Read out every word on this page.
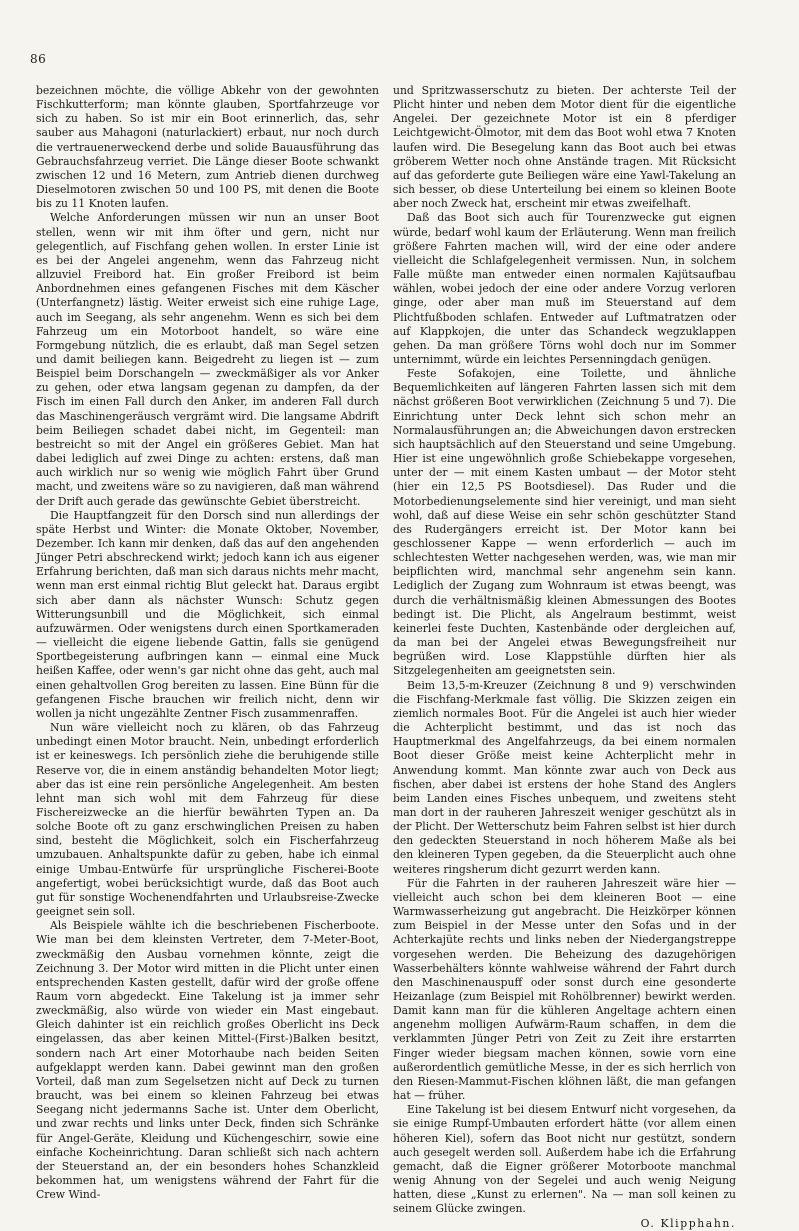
86

bezeichnen möchte, die völlige Abkehr von der gewohnten Fischkutterform; man könnte glauben, Sportfahrzeuge vor sich zu haben. So ist mir ein Boot erinnerlich, das, sehr sauber aus Mahagoni (naturlackiert) erbaut, nur noch durch die vertrauenerweckend derbe und solide Bauausführung das Gebrauchsfahrzeug verriet. Die Länge dieser Boote schwankt zwischen 12 und 16 Metern, zum Antrieb dienen durchweg Dieselmotoren zwischen 50 und 100 PS, mit denen die Boote bis zu 11 Knoten laufen.

Welche Anforderungen müssen wir nun an unser Boot stellen, wenn wir mit ihm öfter und gern, nicht nur gelegentlich, auf Fischfang gehen wollen. In erster Linie ist es bei der Angelei angenehm, wenn das Fahrzeug nicht allzuviel Freibord hat. Ein großer Freibord ist beim Anbordnehmen eines gefangenen Fisches mit dem Käscher (Unterfangnetz) lästig. Weiter erweist sich eine ruhige Lage, auch im Seegang, als sehr angenehm. Wenn es sich bei dem Fahrzeug um ein Motorboot handelt, so wäre eine Formgebung nützlich, die es erlaubt, daß man Segel setzen und damit beiliegen kann. Beigedreht zu liegen ist — zum Beispiel beim Dorschangeln — zweckmäßiger als vor Anker zu gehen, oder etwa langsam gegenan zu dampfen, da der Fisch im einen Fall durch den Anker, im anderen Fall durch das Maschinengeräusch vergrämt wird. Die langsame Abdrift beim Beiliegen schadet dabei nicht, im Gegenteil: man bestreicht so mit der Angel ein größeres Gebiet. Man hat dabei lediglich auf zwei Dinge zu achten: erstens, daß man auch wirklich nur so wenig wie möglich Fahrt über Grund macht, und zweitens wäre so zu navigieren, daß man während der Drift auch gerade das gewünschte Gebiet überstreicht.

Die Hauptfangzeit für den Dorsch sind nun allerdings der späte Herbst und Winter: die Monate Oktober, November, Dezember. Ich kann mir denken, daß das auf den angehenden Jünger Petri abschreckend wirkt; jedoch kann ich aus eigener Erfahrung berichten, daß man sich daraus nichts mehr macht, wenn man erst einmal richtig Blut geleckt hat. Daraus ergibt sich aber dann als nächster Wunsch: Schutz gegen Witterungsunbill und die Möglichkeit, sich einmal aufzuwärmen. Oder wenigstens durch einen Sportkameraden — vielleicht die eigene liebende Gattin, falls sie genügend Sportbegeisterung aufbringen kann — einmal eine Muck heißen Kaffee, oder wenn's gar nicht ohne das geht, auch mal einen gehaltvollen Grog bereiten zu lassen. Eine Bünn für die gefangenen Fische brauchen wir freilich nicht, denn wir wollen ja nicht ungezählte Zentner Fisch zusammenraffen.

Nun wäre vielleicht noch zu klären, ob das Fahrzeug unbedingt einen Motor braucht. Nein, unbedingt erforderlich ist er keineswegs. Ich persönlich ziehe die beruhigende stille Reserve vor, die in einem anständig behandelten Motor liegt; aber das ist eine rein persönliche Angelegenheit. Am besten lehnt man sich wohl mit dem Fahrzeug für diese Fischereizwecke an die hierfür bewährten Typen an. Da solche Boote oft zu ganz erschwinglichen Preisen zu haben sind, besteht die Möglichkeit, solch ein Fischerfahrzeug umzubauen. Anhaltspunkte dafür zu geben, habe ich einmal einige Umbau-Entwürfe für ursprüngliche Fischerei-Boote angefertigt, wobei berücksichtigt wurde, daß das Boot auch gut für sonstige Wochenendfahrten und Urlaubsreise-Zwecke geeignet sein soll.

Als Beispiele wählte ich die beschriebenen Fischerboote. Wie man bei dem kleinsten Vertreter, dem 7-Meter-Boot, zweckmäßig den Ausbau vornehmen könnte, zeigt die Zeichnung 3. Der Motor wird mitten in die Plicht unter einen entsprechenden Kasten gestellt, dafür wird der große offene Raum vorn abgedeckt. Eine Takelung ist ja immer sehr zweckmäßig, also würde von wieder ein Mast eingebaut. Gleich dahinter ist ein reichlich großes Oberlicht ins Deck eingelassen, das aber keinen Mittel-(First-)Balken besitzt, sondern nach Art einer Motorhaube nach beiden Seiten aufgeklappt werden kann. Dabei gewinnt man den großen Vorteil, daß man zum Segelsetzen nicht auf Deck zu turnen braucht, was bei einem so kleinen Fahrzeug bei etwas Seegang nicht jedermanns Sache ist. Unter dem Oberlicht, und zwar rechts und links unter Deck, finden sich Schränke für Angel-Geräte, Kleidung und Küchengeschirr, sowie eine einfache Kocheinrichtung. Daran schließt sich nach achtern der Steuerstand an, der ein besonders hohes Schanzkleid bekommen hat, um wenigstens während der Fahrt für die Crew Wind-

und Spritzwasserschutz zu bieten. Der achterste Teil der Plicht hinter und neben dem Motor dient für die eigentliche Angelei. Der gezeichnete Motor ist ein 8 pferdiger Leichtgewicht-Ölmotor, mit dem das Boot wohl etwa 7 Knoten laufen wird. Die Besegelung kann das Boot auch bei etwas gröberem Wetter noch ohne Anstände tragen. Mit Rücksicht auf das geforderte gute Beiliegen wäre eine Yawl-Takelung an sich besser, ob diese Unterteilung bei einem so kleinen Boote aber noch Zweck hat, erscheint mir etwas zweifelhaft.

Daß das Boot sich auch für Tourenzwecke gut eignen würde, bedarf wohl kaum der Erläuterung. Wenn man freilich größere Fahrten machen will, wird der eine oder andere vielleicht die Schlafgelegenheit vermissen. Nun, in solchem Falle müßte man entweder einen normalen Kajütsaufbau wählen, wobei jedoch der eine oder andere Vorzug verloren ginge, oder aber man muß im Steuerstand auf dem Plichtfußboden schlafen. Entweder auf Luftmatratzen oder auf Klappkojen, die unter das Schandeck wegzuklappen gehen. Da man größere Törns wohl doch nur im Sommer unternimmt, würde ein leichtes Persenningdach genügen.

Feste Sofakojen, eine Toilette, und ähnliche Bequemlichkeiten auf längeren Fahrten lassen sich mit dem nächst größeren Boot verwirklichen (Zeichnung 5 und 7). Die Einrichtung unter Deck lehnt sich schon mehr an Normalausführungen an; die Abweichungen davon erstrecken sich hauptsächlich auf den Steuerstand und seine Umgebung. Hier ist eine ungewöhnlich große Schiebekappe vorgesehen, unter der — mit einem Kasten umbaut — der Motor steht (hier ein 12,5 PS Bootsdiesel). Das Ruder und die Motorbedienungselemente sind hier vereinigt, und man sieht wohl, daß auf diese Weise ein sehr schön geschützter Stand des Rudergängers erreicht ist. Der Motor kann bei geschlossener Kappe — wenn erforderlich — auch im schlechtesten Wetter nachgesehen werden, was, wie man mir beipflichten wird, manchmal sehr angenehm sein kann. Lediglich der Zugang zum Wohnraum ist etwas beengt, was durch die verhältnismäßig kleinen Abmessungen des Bootes bedingt ist. Die Plicht, als Angelraum bestimmt, weist keinerlei feste Duchten, Kastenbände oder dergleichen auf, da man bei der Angelei etwas Bewegungsfreiheit nur begrüßen wird. Lose Klappstühle dürften hier als Sitzgelegenheiten am geeignetsten sein.

Beim 13,5-m-Kreuzer (Zeichnung 8 und 9) verschwinden die Fischfang-Merkmale fast völlig. Die Skizzen zeigen ein ziemlich normales Boot. Für die Angelei ist auch hier wieder die Achterplicht bestimmt, und das ist noch das Hauptmerkmal des Angelfahrzeugs, da bei einem normalen Boot dieser Größe meist keine Achterplicht mehr in Anwendung kommt. Man könnte zwar auch von Deck aus fischen, aber dabei ist erstens der hohe Stand des Anglers beim Landen eines Fisches unbequem, und zweitens steht man dort in der rauheren Jahreszeit weniger geschützt als in der Plicht. Der Wetterschutz beim Fahren selbst ist hier durch den gedeckten Steuerstand in noch höherem Maße als bei den kleineren Typen gegeben, da die Steuerplicht auch ohne weiteres ringsherum dicht gezurrt werden kann.

Für die Fahrten in der rauheren Jahreszeit wäre hier — vielleicht auch schon bei dem kleineren Boot — eine Warmwasserheizung gut angebracht. Die Heizkörper können zum Beispiel in der Messe unter den Sofas und in der Achterkajüte rechts und links neben der Niedergangstreppe vorgesehen werden. Die Beheizung des dazugehörigen Wasserbehälters könnte wahlweise während der Fahrt durch den Maschinenauspuff oder sonst durch eine gesonderte Heizanlage (zum Beispiel mit Rohölbrenner) bewirkt werden. Damit kann man für die kühleren Angeltage achtern einen angenehm molligen Aufwärm-Raum schaffen, in dem die verklammten Jünger Petri von Zeit zu Zeit ihre erstarrten Finger wieder biegsam machen können, sowie vorn eine außerordentlich gemütliche Messe, in der es sich herrlich von den Riesen-Mammut-Fischen klöhnen läßt, die man gefangen hat — früher.

Eine Takelung ist bei diesem Entwurf nicht vorgesehen, da sie einige Rumpf-Umbauten erfordert hätte (vor allem einen höheren Kiel), sofern das Boot nicht nur gestützt, sondern auch gesegelt werden soll. Außerdem habe ich die Erfahrung gemacht, daß die Eigner größerer Motorboote manchmal wenig Ahnung von der Segelei und auch wenig Neigung hatten, diese „Kunst zu erlernen". Na — man soll keinen zu seinem Glücke zwingen.

O. Klipphahn.
